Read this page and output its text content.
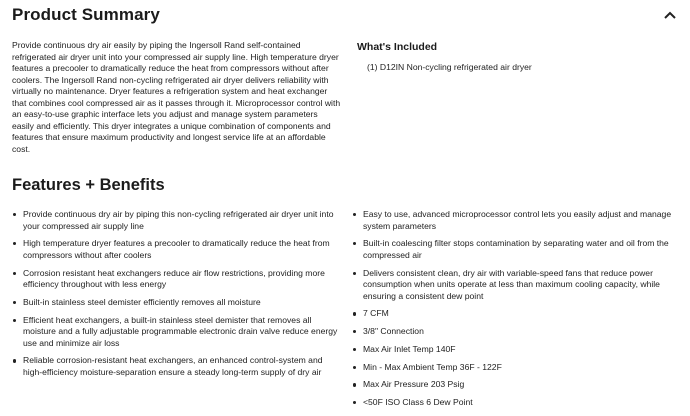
Product Summary

Provide continuous dry air easily by piping the Ingersoll Rand self-contained refrigerated air dryer unit into your compressed air supply line. High temperature dryer features a precooler to dramatically reduce the heat from compressors without after coolers. The Ingersoll Rand non-cycling refrigerated air dryer delivers reliability with virtually no maintenance. Dryer features a refrigeration system and heat exchanger that combines cool compressed air as it passes through it. Microprocessor control with an easy-to-use graphic interface lets you adjust and manage system parameters easily and efficiently. This dryer integrates a unique combination of components and features that ensure maximum productivity and longest service life at an affordable cost.

What's Included
(1) D12IN Non-cycling refrigerated air dryer
Features + Benefits
Provide continuous dry air by piping this non-cycling refrigerated air dryer unit into your compressed air supply line
High temperature dryer features a precooler to dramatically reduce the heat from compressors without after coolers
Corrosion resistant heat exchangers reduce air flow restrictions, providing more efficiency throughout with less energy
Built-in stainless steel demister efficiently removes all moisture
Efficient heat exchangers, a built-in stainless steel demister that removes all moisture and a fully adjustable programmable electronic drain valve reduce energy use and minimize air loss
Reliable corrosion-resistant heat exchangers, an enhanced control-system and high-efficiency moisture-separation ensure a steady long-term supply of dry air
Easy to use, advanced microprocessor control lets you easily adjust and manage system parameters
Built-in coalescing filter stops contamination by separating water and oil from the compressed air
Delivers consistent clean, dry air with variable-speed fans that reduce power consumption when units operate at less than maximum cooling capacity, while ensuring a consistent dew point
7 CFM
3/8" Connection
Max Air Inlet Temp 140F
Min - Max Ambient Temp 36F - 122F
Max Air Pressure 203 Psig
<50F ISO Class 6 Dew Point
